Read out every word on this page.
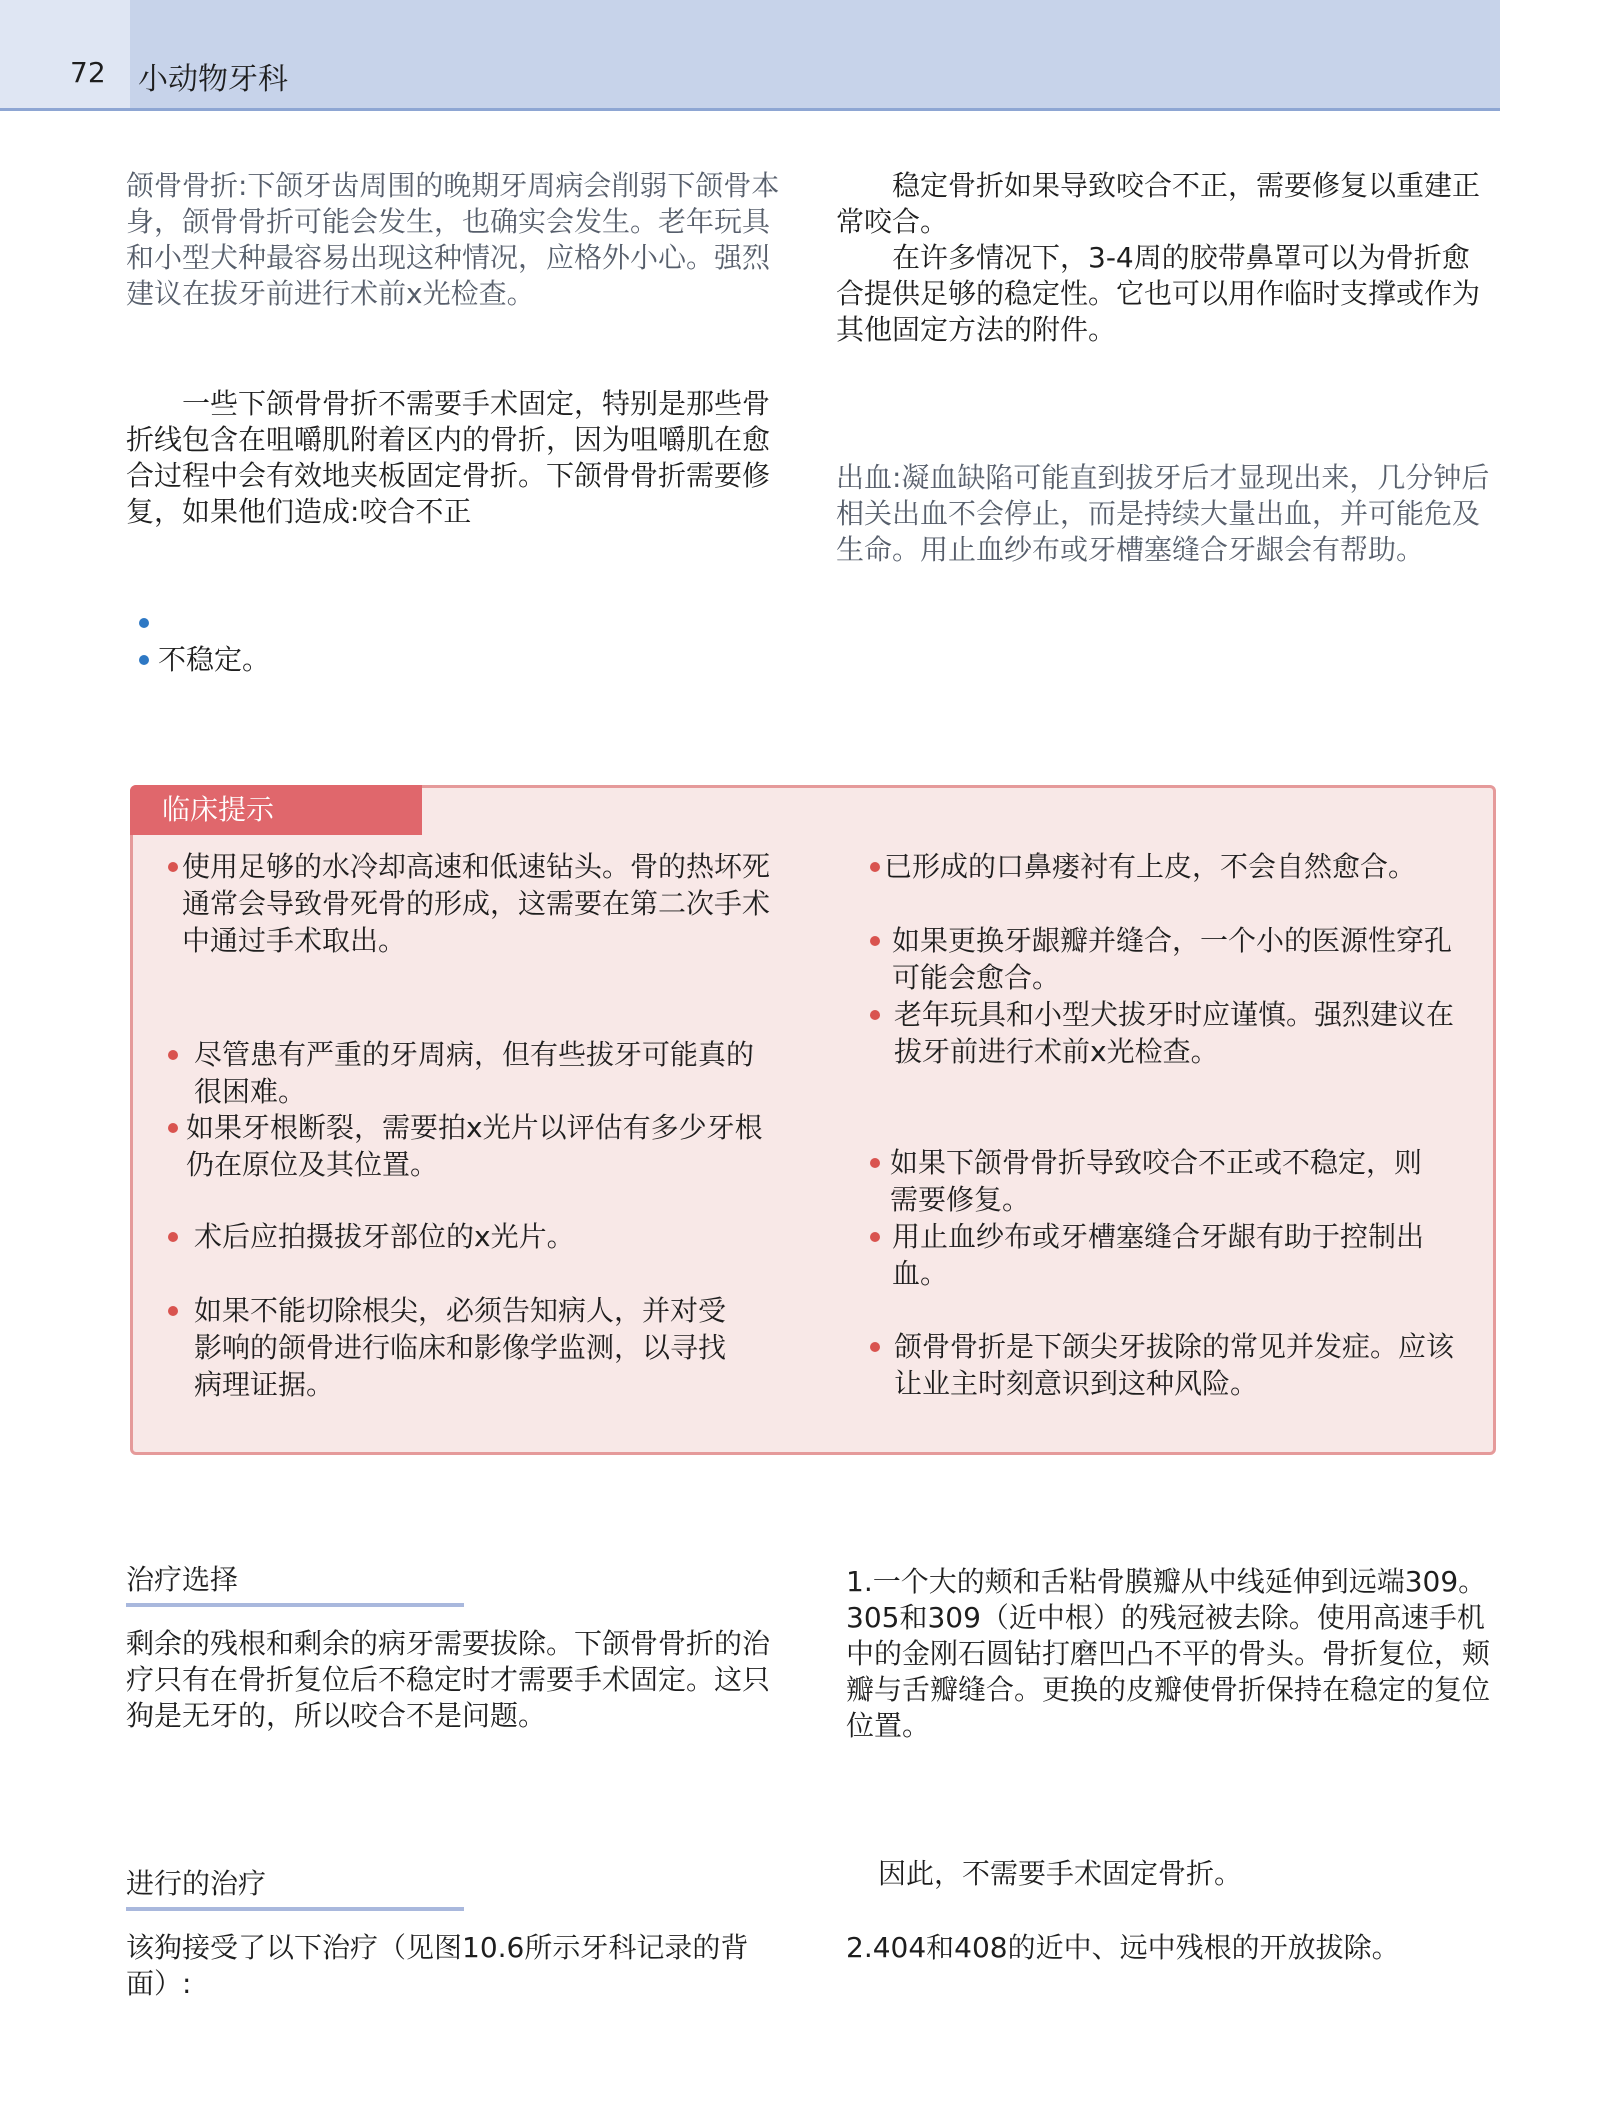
72 小动物牙科

颌骨骨折:下颌牙齿周围的晚期牙周病会削弱下颌骨本身，颌骨骨折可能会发生，也确实会发生。老年玩具和小型犬种最容易出现这种情况，应格外小心。强烈建议在拔牙前进行术前x光检查。

一些下颌骨骨折不需要手术固定，特别是那些骨折线包含在咀嚼肌附着区内的骨折，因为咀嚼肌在愈合过程中会有效地夹板固定骨折。下颌骨骨折需要修复，如果他们造成:咬合不正

不稳定。

稳定骨折如果导致咬合不正，需要修复以重建正常咬合。

在许多情况下，3-4周的胶带鼻罩可以为骨折愈合提供足够的稳定性。它也可以用作临时支撑或作为其他固定方法的附件。

出血:凝血缺陷可能直到拔牙后才显现出来，几分钟后相关出血不会停止，而是持续大量出血，并可能危及生命。用止血纱布或牙槽塞缝合牙龈会有帮助。

临床提示
使用足够的水冷却高速和低速钻头。骨的热坏死通常会导致骨死骨的形成，这需要在第二次手术中通过手术取出。
尽管患有严重的牙周病，但有些拔牙可能真的很困难。
如果牙根断裂，需要拍x光片以评估有多少牙根仍在原位及其位置。
术后应拍摄拔牙部位的x光片。
如果不能切除根尖，必须告知病人，并对受影响的颌骨进行临床和影像学监测，以寻找病理证据。
已形成的口鼻瘘衬有上皮，不会自然愈合。
如果更换牙龈瓣并缝合，一个小的医源性穿孔可能会愈合。
老年玩具和小型犬拔牙时应谨慎。强烈建议在拔牙前进行术前x光检查。
如果下颌骨骨折导致咬合不正或不稳定，则需要修复。
用止血纱布或牙槽塞缝合牙龈有助于控制出血。
颌骨骨折是下颌尖牙拔除的常见并发症。应该让业主时刻意识到这种风险。
治疗选择

剩余的残根和剩余的病牙需要拔除。下颌骨骨折的治疗只有在骨折复位后不稳定时才需要手术固定。这只狗是无牙的，所以咬合不是问题。

进行的治疗

该狗接受了以下治疗（见图10.6所示牙科记录的背面）:

1.一个大的颊和舌粘骨膜瓣从中线延伸到远端309。305和309（近中根）的残冠被去除。使用高速手机中的金刚石圆钻打磨凹凸不平的骨头。骨折复位，颊瓣与舌瓣缝合。更换的皮瓣使骨折保持在稳定的复位位置。

因此，不需要手术固定骨折。

2.404和408的近中、远中残根的开放拔除。
